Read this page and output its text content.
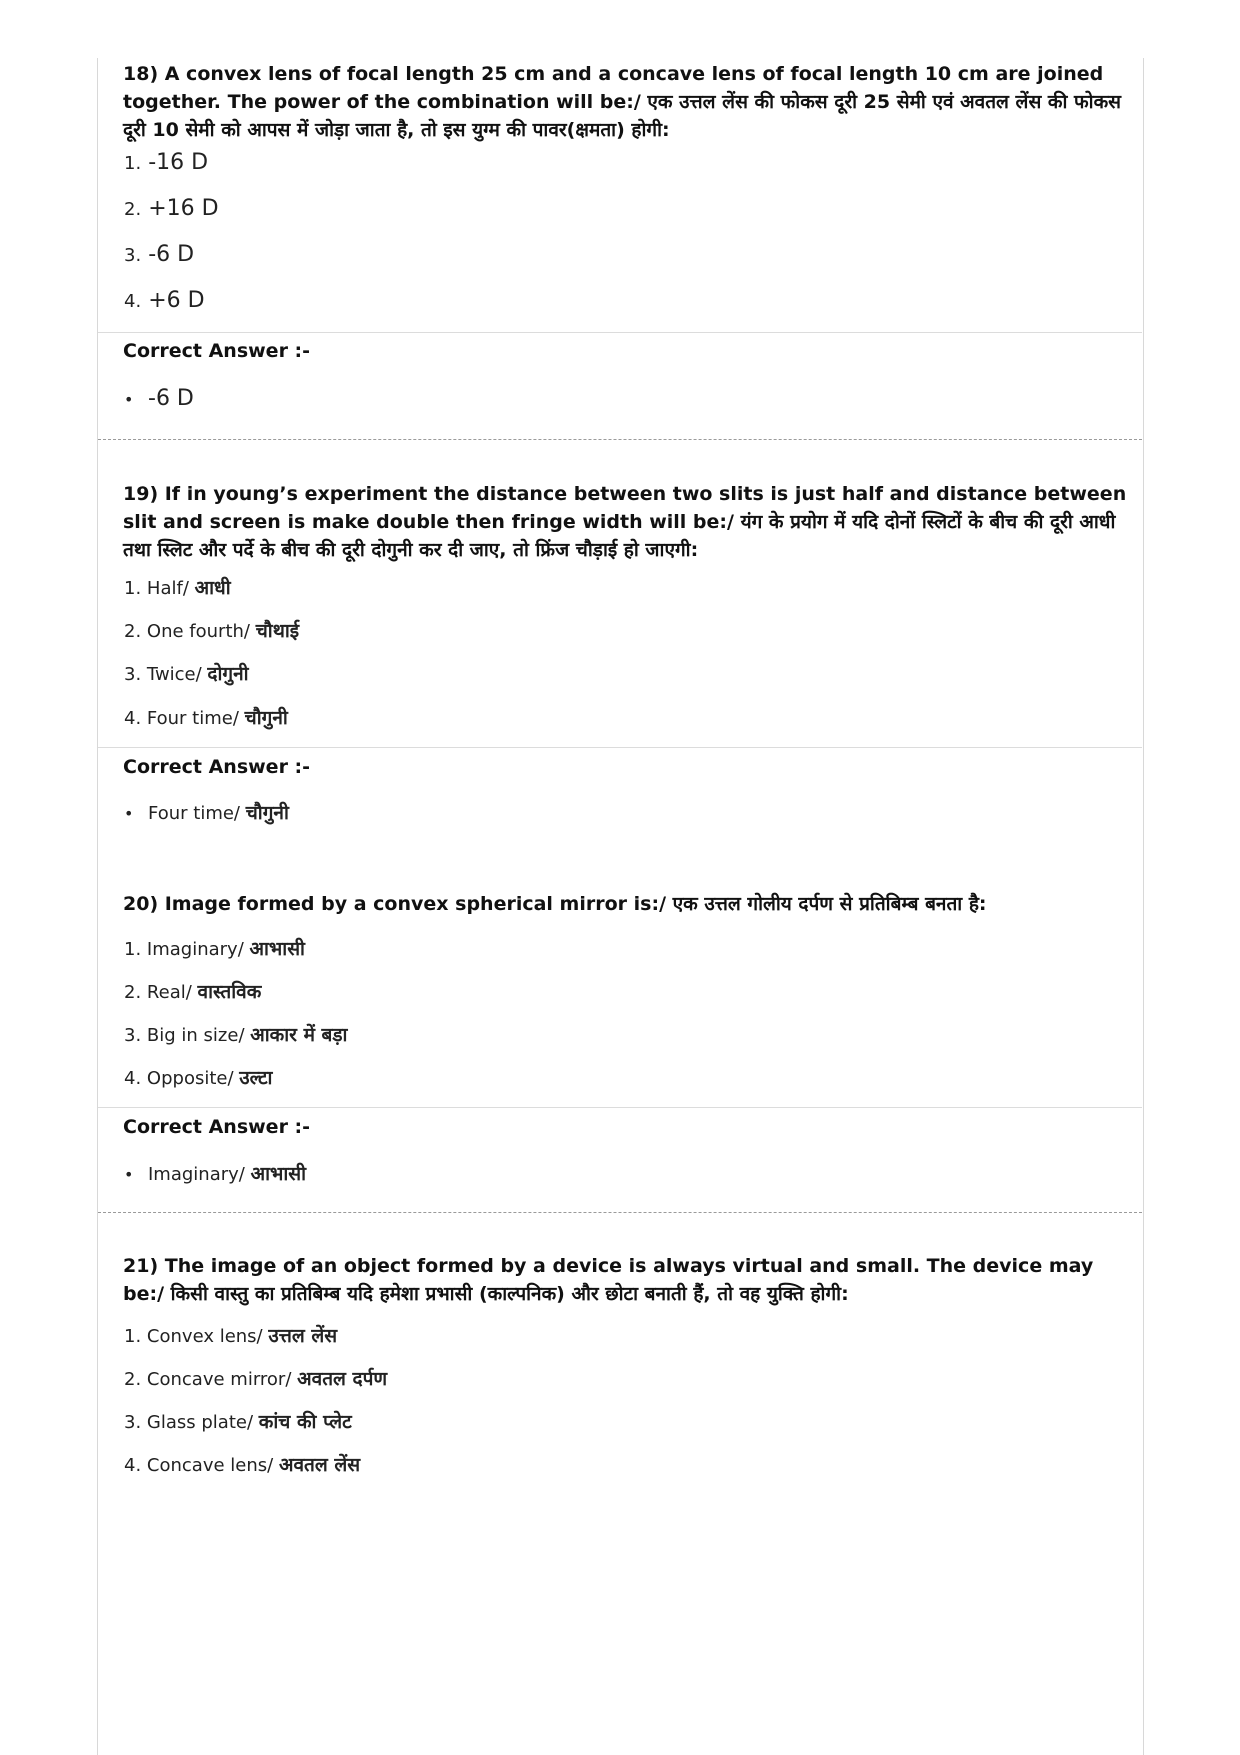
18) A convex lens of focal length 25 cm and a concave lens of focal length 10 cm are joined together. The power of the combination will be:/ एक उत्तल लेंस की फोकस दूरी 25 सेमी एवं अवतल लेंस की फोकस दूरी 10 सेमी को आपस में जोड़ा जाता है, तो इस युग्म की पावर(क्षमता) होगी:
1. -16 D
2. +16 D
3. -6 D
4. +6 D
Correct Answer :-
• -6 D
19) If in young’s experiment the distance between two slits is just half and distance between slit and screen is make double then fringe width will be:/ यंग के प्रयोग में यदि दोनों स्लिटों के बीच की दूरी आधी तथा स्लिट और पर्दे के बीच की दूरी दोगुनी कर दी जाए, तो फ्रिंज चौड़ाई हो जाएगी:
1. Half/ आधी
2. One fourth/ चौथाई
3. Twice/ दोगुनी
4. Four time/ चौगुनी
Correct Answer :-
• Four time/ चौगुनी
20) Image formed by a convex spherical mirror is:/ एक उत्तल गोलीय दर्पण से प्रतिबिम्ब बनता है:
1. Imaginary/ आभासी
2. Real/ वास्तविक
3. Big in size/ आकार में बड़ा
4. Opposite/ उल्टा
Correct Answer :-
• Imaginary/ आभासी
21) The image of an object formed by a device is always virtual and small. The device may be:/ किसी वास्तु का प्रतिबिम्ब यदि हमेशा प्रभासी (काल्पनिक) और छोटा बनाती हैं, तो वह युक्ति होगी:
1. Convex lens/ उत्तल लेंस
2. Concave mirror/ अवतल दर्पण
3. Glass plate/ कांच की प्लेट
4. Concave lens/ अवतल लेंस
